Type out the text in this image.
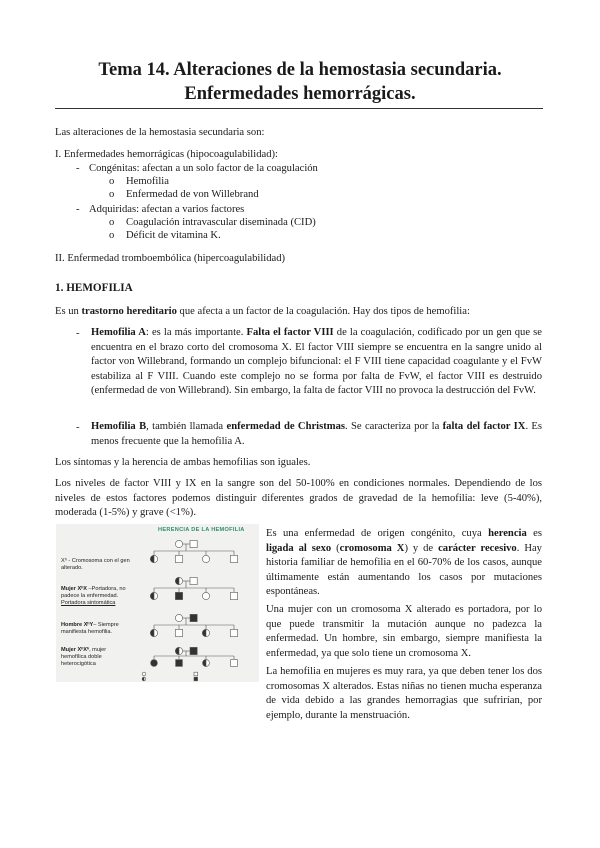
Tema 14. Alteraciones de la hemostasia secundaria.
Enfermedades hemorrágicas.
Las alteraciones de la hemostasia secundaria son:
I. Enfermedades hemorrágicas (hipocoagulabilidad):
- Congénitas: afectan a un solo factor de la coagulación
o Hemofilia
o Enfermedad de von Willebrand
- Adquiridas: afectan a varios factores
o Coagulación intravascular diseminada (CID)
o Déficit de vitamina K.
II. Enfermedad tromboembólica (hipercoagulabilidad)
1. HEMOFILIA
Es un trastorno hereditario que afecta a un factor de la coagulación. Hay dos tipos de hemofilia:
- Hemofilia A: es la más importante. Falta el factor VIII de la coagulación, codificado por un gen que se encuentra en el brazo corto del cromosoma X. El factor VIII siempre se encuentra en la sangre unido al factor von Willebrand, formando un complejo bifuncional: el F VIII tiene capacidad coagulante y el FvW estabiliza al F VIII. Cuando este complejo no se forma por falta de FvW, el factor VIII es destruido (enfermedad de von Willebrand). Sin embargo, la falta de factor VIII no provoca la destrucción del FvW.
- Hemofilia B, también llamada enfermedad de Christmas. Se caracteriza por la falta del factor IX. Es menos frecuente que la hemofilia A.
Los síntomas y la herencia de ambas hemofilias son iguales.
Los niveles de factor VIII y IX en la sangre son del 50-100% en condiciones normales. Dependiendo de los niveles de estos factores podemos distinguir diferentes grados de gravedad de la hemofilia: leve (5-40%), moderada (1-5%) y grave (<1%).
Xʰ - Cromosoma con el gen alterado.
Mujer XʰX –Portadora, no padece la enfermedad.
Portadora sintomática
Hombre XʰY– Siempre manifiesta hemofilia.
Mujer XʰXʰ, mujer hemofílica doble heterocigótica
HERENCIA DE LA HEMOFILIA Es una enfermedad de origen congénito, cuya herencia es ligada al sexo (cromosoma X) y de carácter recesivo. Hay historia familiar de hemofilia en el 60-70% de los casos, aunque últimamente están aumentando los casos por mutaciones espontáneas.
Una mujer con un cromosoma X alterado es portadora, por lo que puede transmitir la mutación aunque no padezca la enfermedad. Un hombre, sin embargo, siempre manifiesta la enfermedad, ya que solo tiene un cromosoma X.
La hemofilia en mujeres es muy rara, ya que deben tener los dos cromosomas X alterados. Estas niñas no tienen mucha esperanza de vida debido a las grandes hemorragias que sufrirían, por ejemplo, durante la menstruación.
